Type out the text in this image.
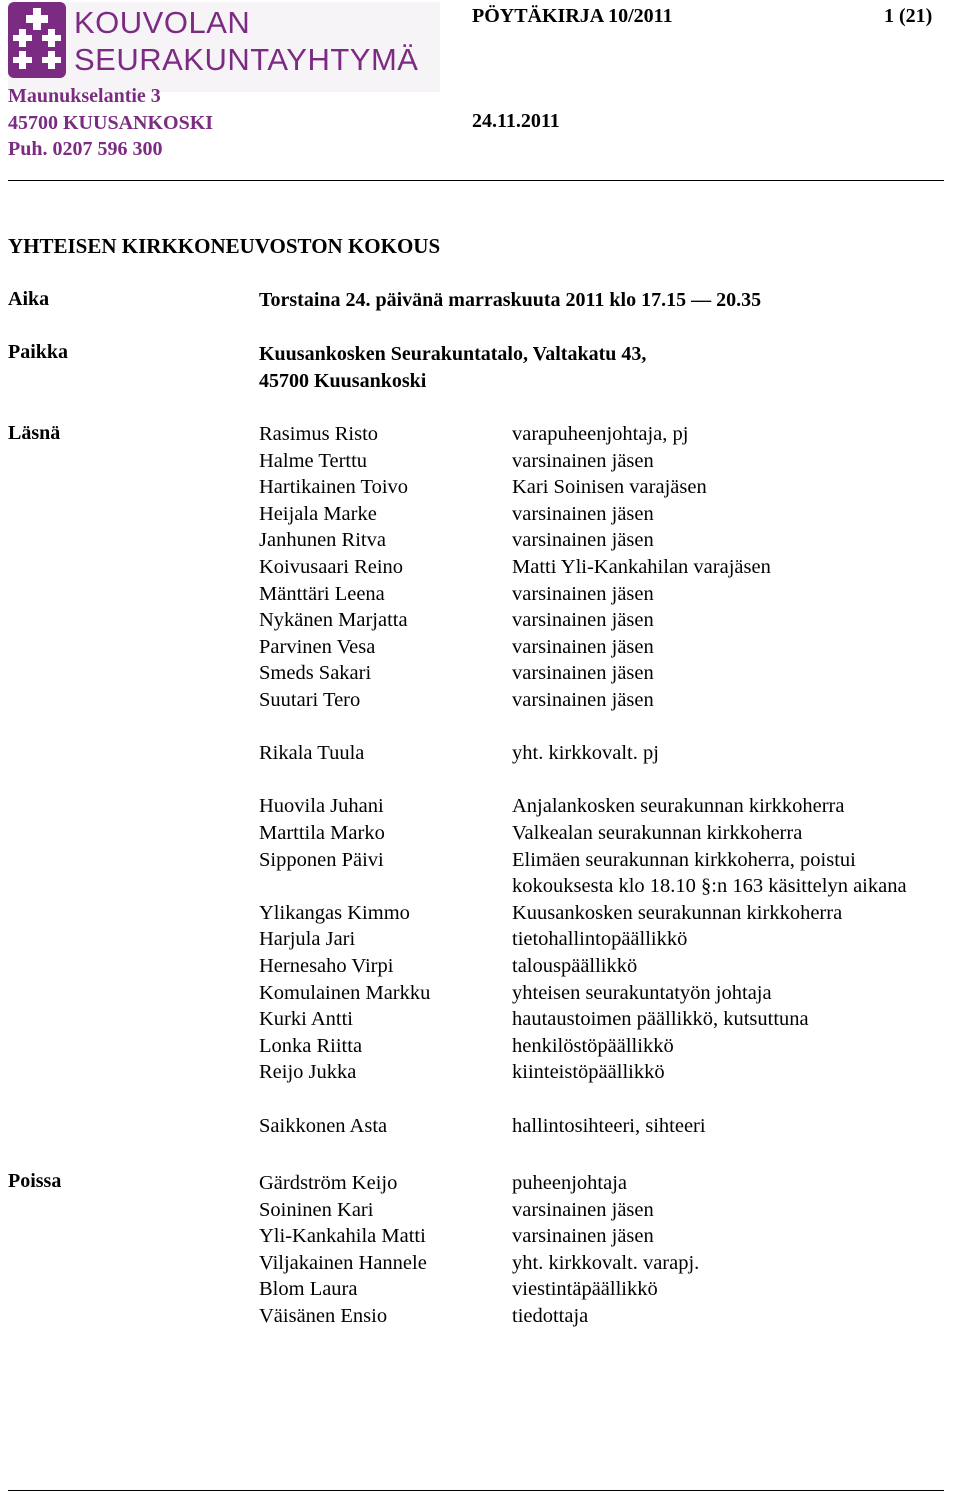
KOUVOLAN
SEURAKUNTAYHTYMÄ
PÖYTÄKIRJA 10/2011	1 (21)
Maunukselantie 3
45700 KUUSANKOSKI
Puh. 0207 596 300
24.11.2011
YHTEISEN KIRKKONEUVOSTON KOKOUS
Aika	Torstaina 24. päivänä marraskuuta 2011 klo 17.15 — 20.35
Paikka	Kuusankosken Seurakuntatalo, Valtakatu 43,
45700 Kuusankoski
Läsnä	Rasimus Risto	varapuheenjohtaja, pj
Halme Terttu	varsinainen jäsen
Hartikainen Toivo	Kari Soinisen varajäsen
Heijala Marke	varsinainen jäsen
Janhunen Ritva	varsinainen jäsen
Koivusaari Reino	Matti Yli-Kankahilan varajäsen
Mänttäri Leena	varsinainen jäsen
Nykänen Marjatta	varsinainen jäsen
Parvinen Vesa	varsinainen jäsen
Smeds Sakari	varsinainen jäsen
Suutari Tero	varsinainen jäsen
Rikala Tuula	yht. kirkkovalt. pj
Huovila Juhani	Anjalankosken seurakunnan kirkkoherra
Marttila Marko	Valkealan seurakunnan kirkkoherra
Sipponen Päivi	Elimäen seurakunnan kirkkoherra, poistui
kokouksesta klo 18.10 §:n 163 käsittelyn aikana
Ylikangas Kimmo	Kuusankosken seurakunnan kirkkoherra
Harjula Jari	tietohallintopäällikkö
Hernesaho Virpi	talouspäällikkö
Komulainen Markku	yhteisen seurakuntatyön johtaja
Kurki Antti	hautaustoimen päällikkö, kutsuttuna
Lonka Riitta	henkilöstöpäällikkö
Reijo Jukka	kiinteistöpäällikkö
Saikkonen Asta	hallintosihteeri, sihteeri
Poissa	Gärdström Keijo	puheenjohtaja
Soininen Kari	varsinainen jäsen
Yli-Kankahila Matti	varsinainen jäsen
Viljakainen Hannele	yht. kirkkovalt. varapj.
Blom Laura	viestintäpäällikkö
Väisänen Ensio	tiedottaja
